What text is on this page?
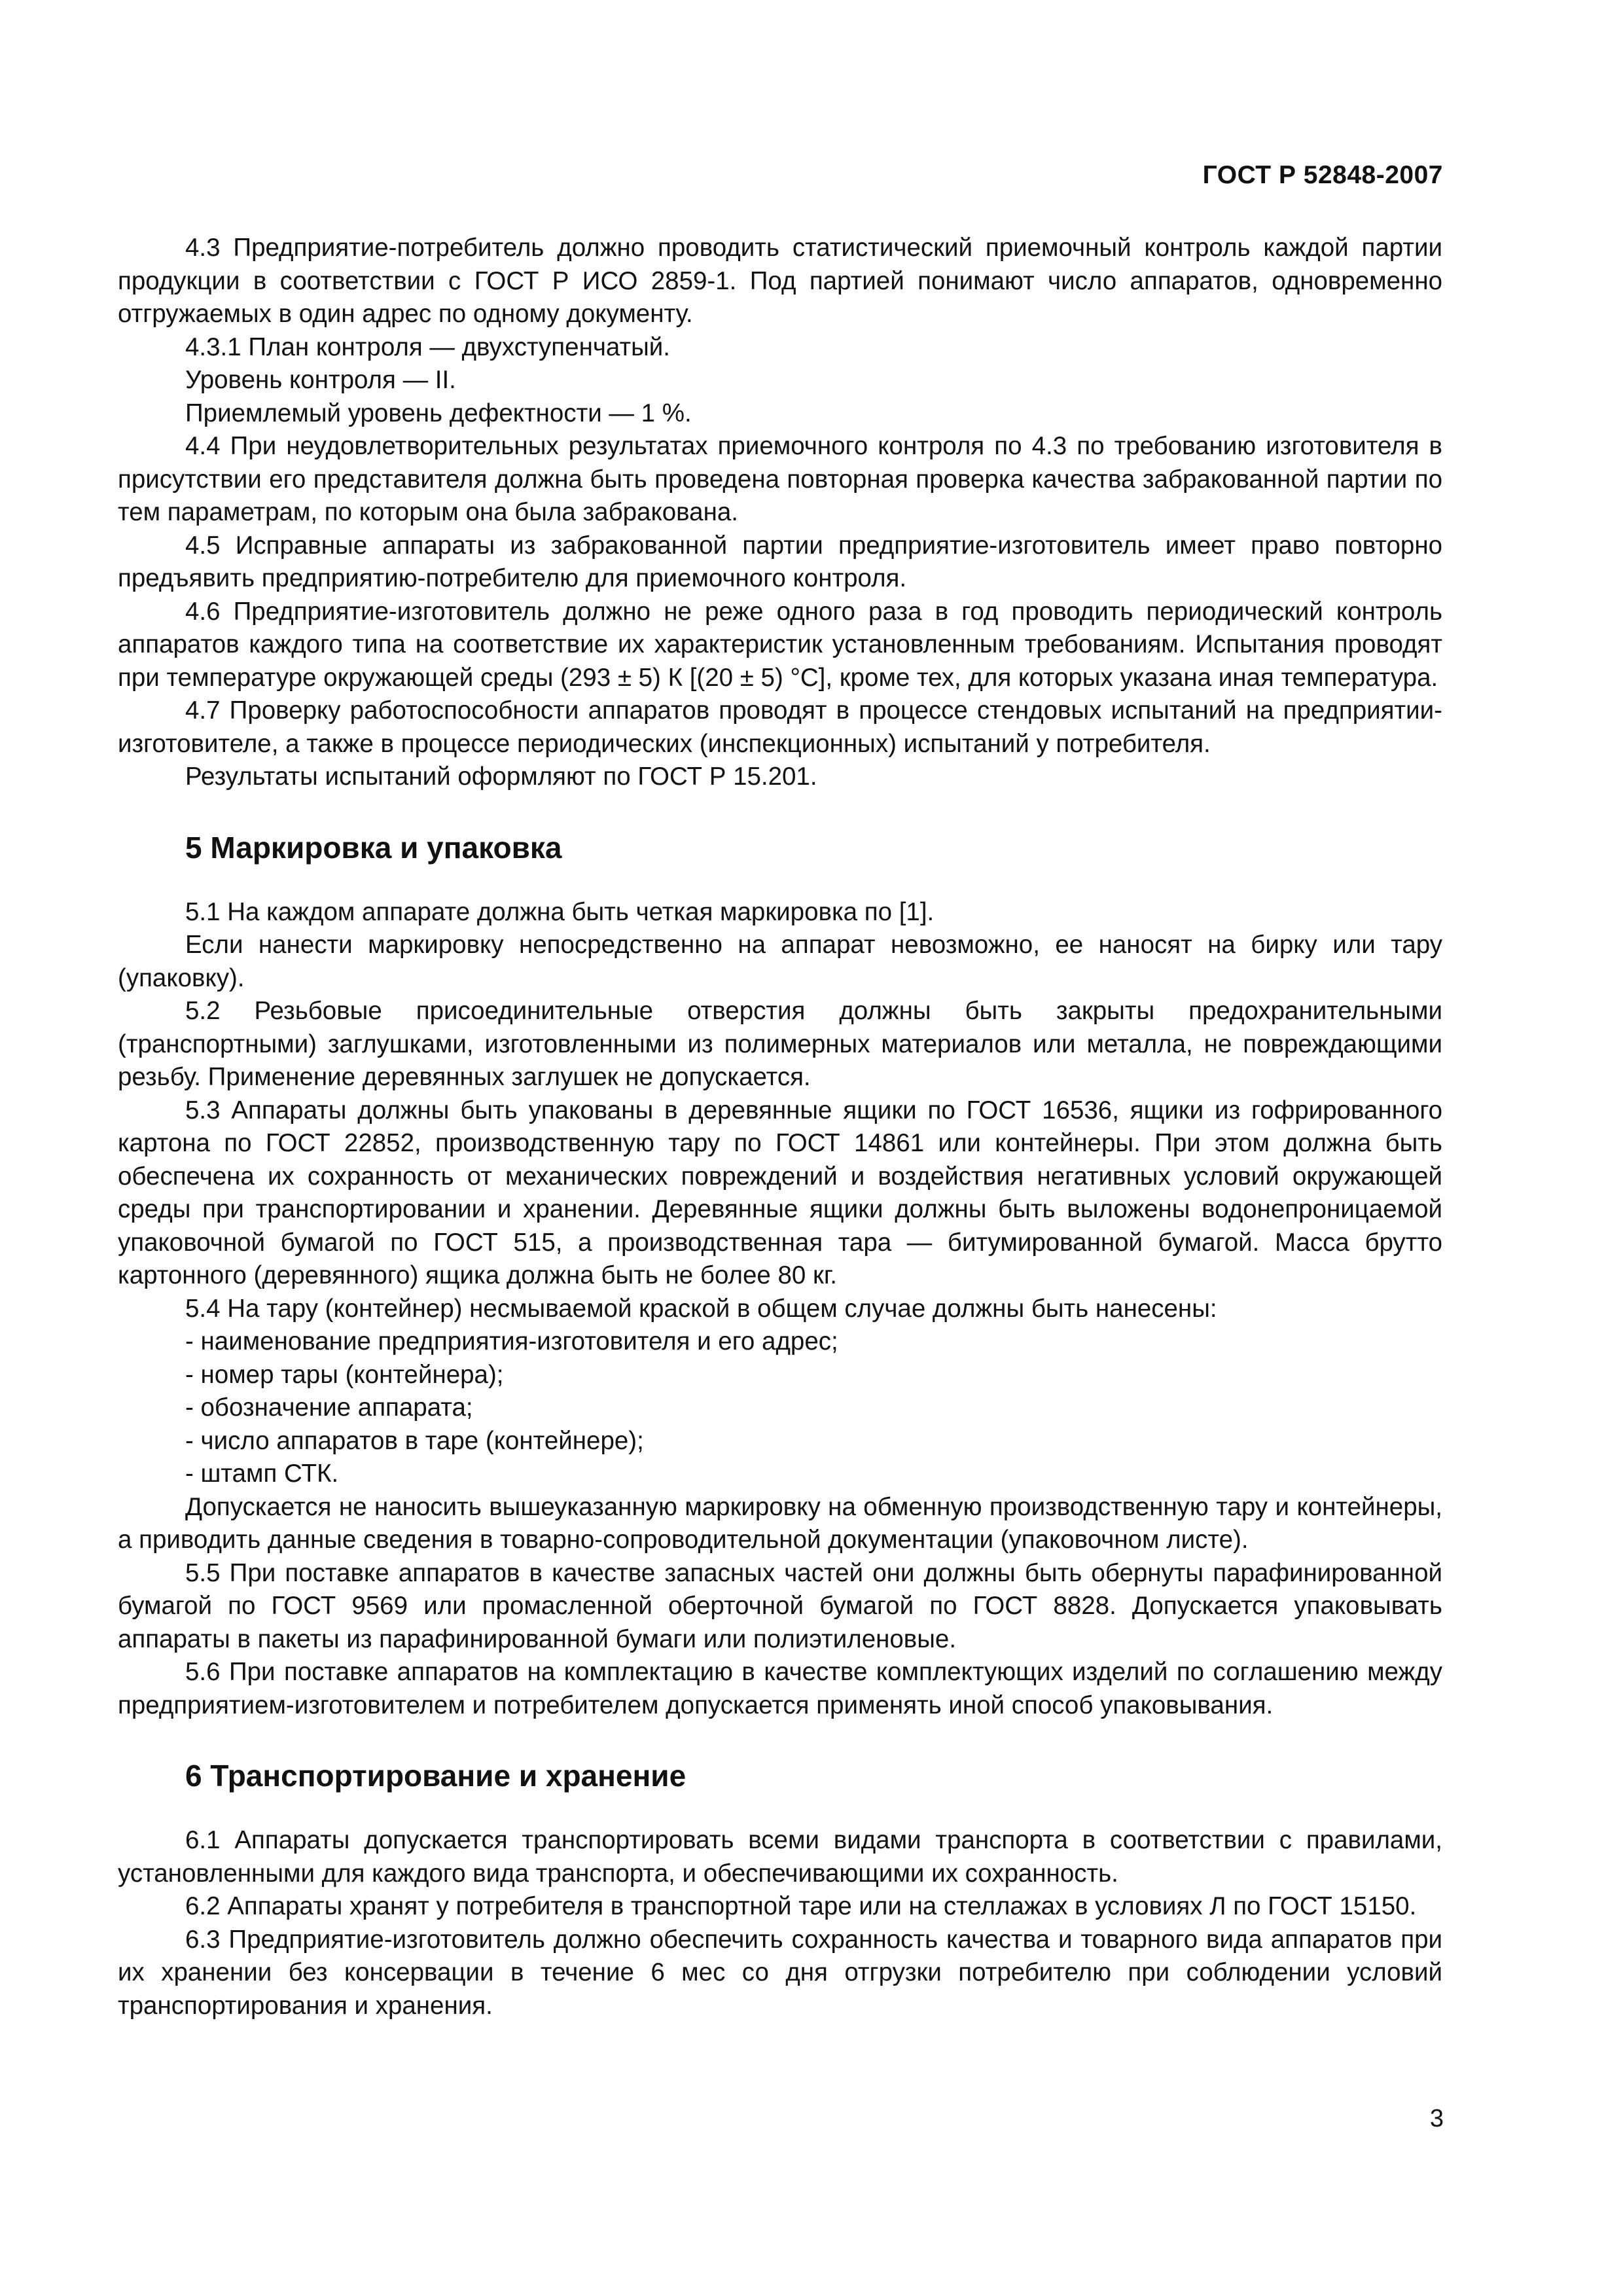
ГОСТ Р 52848-2007

4.3 Предприятие-потребитель должно проводить статистический приемочный контроль каждой партии продукции в соответствии с ГОСТ Р ИСО 2859-1. Под партией понимают число аппаратов, одновременно отгружаемых в один адрес по одному документу.

4.3.1 План контроля — двухступенчатый.

Уровень контроля — II.

Приемлемый уровень дефектности — 1 %.

4.4 При неудовлетворительных результатах приемочного контроля по 4.3 по требованию изготовителя в присутствии его представителя должна быть проведена повторная проверка качества забракованной партии по тем параметрам, по которым она была забракована.

4.5 Исправные аппараты из забракованной партии предприятие-изготовитель имеет право повторно предъявить предприятию-потребителю для приемочного контроля.

4.6 Предприятие-изготовитель должно не реже одного раза в год проводить периодический контроль аппаратов каждого типа на соответствие их характеристик установленным требованиям. Испытания проводят при температуре окружающей среды (293 ± 5) К [(20 ± 5) °С], кроме тех, для которых указана иная температура.

4.7 Проверку работоспособности аппаратов проводят в процессе стендовых испытаний на предприятии-изготовителе, а также в процессе периодических (инспекционных) испытаний у потребителя.

Результаты испытаний оформляют по ГОСТ Р 15.201.

5 Маркировка и упаковка

5.1 На каждом аппарате должна быть четкая маркировка по [1].

Если нанести маркировку непосредственно на аппарат невозможно, ее наносят на бирку или тару (упаковку).

5.2 Резьбовые присоединительные отверстия должны быть закрыты предохранительными (транспортными) заглушками, изготовленными из полимерных материалов или металла, не повреждающими резьбу. Применение деревянных заглушек не допускается.

5.3 Аппараты должны быть упакованы в деревянные ящики по ГОСТ 16536, ящики из гофрированного картона по ГОСТ 22852, производственную тару по ГОСТ 14861 или контейнеры. При этом должна быть обеспечена их сохранность от механических повреждений и воздействия негативных условий окружающей среды при транспортировании и хранении. Деревянные ящики должны быть выложены водонепроницаемой упаковочной бумагой по ГОСТ 515, а производственная тара — битумированной бумагой. Масса брутто картонного (деревянного) ящика должна быть не более 80 кг.

5.4 На тару (контейнер) несмываемой краской в общем случае должны быть нанесены:

- наименование предприятия-изготовителя и его адрес;

- номер тары (контейнера);

- обозначение аппарата;

- число аппаратов в таре (контейнере);

- штамп СТК.

Допускается не наносить вышеуказанную маркировку на обменную производственную тару и контейнеры, а приводить данные сведения в товарно-сопроводительной документации (упаковочном листе).

5.5 При поставке аппаратов в качестве запасных частей они должны быть обернуты парафинированной бумагой по ГОСТ 9569 или промасленной оберточной бумагой по ГОСТ 8828. Допускается упаковывать аппараты в пакеты из парафинированной бумаги или полиэтиленовые.

5.6 При поставке аппаратов на комплектацию в качестве комплектующих изделий по соглашению между предприятием-изготовителем и потребителем допускается применять иной способ упаковывания.

6 Транспортирование и хранение

6.1 Аппараты допускается транспортировать всеми видами транспорта в соответствии с правилами, установленными для каждого вида транспорта, и обеспечивающими их сохранность.

6.2 Аппараты хранят у потребителя в транспортной таре или на стеллажах в условиях Л по ГОСТ 15150.

6.3 Предприятие-изготовитель должно обеспечить сохранность качества и товарного вида аппаратов при их хранении без консервации в течение 6 мес со дня отгрузки потребителю при соблюдении условий транспортирования и хранения.

3
